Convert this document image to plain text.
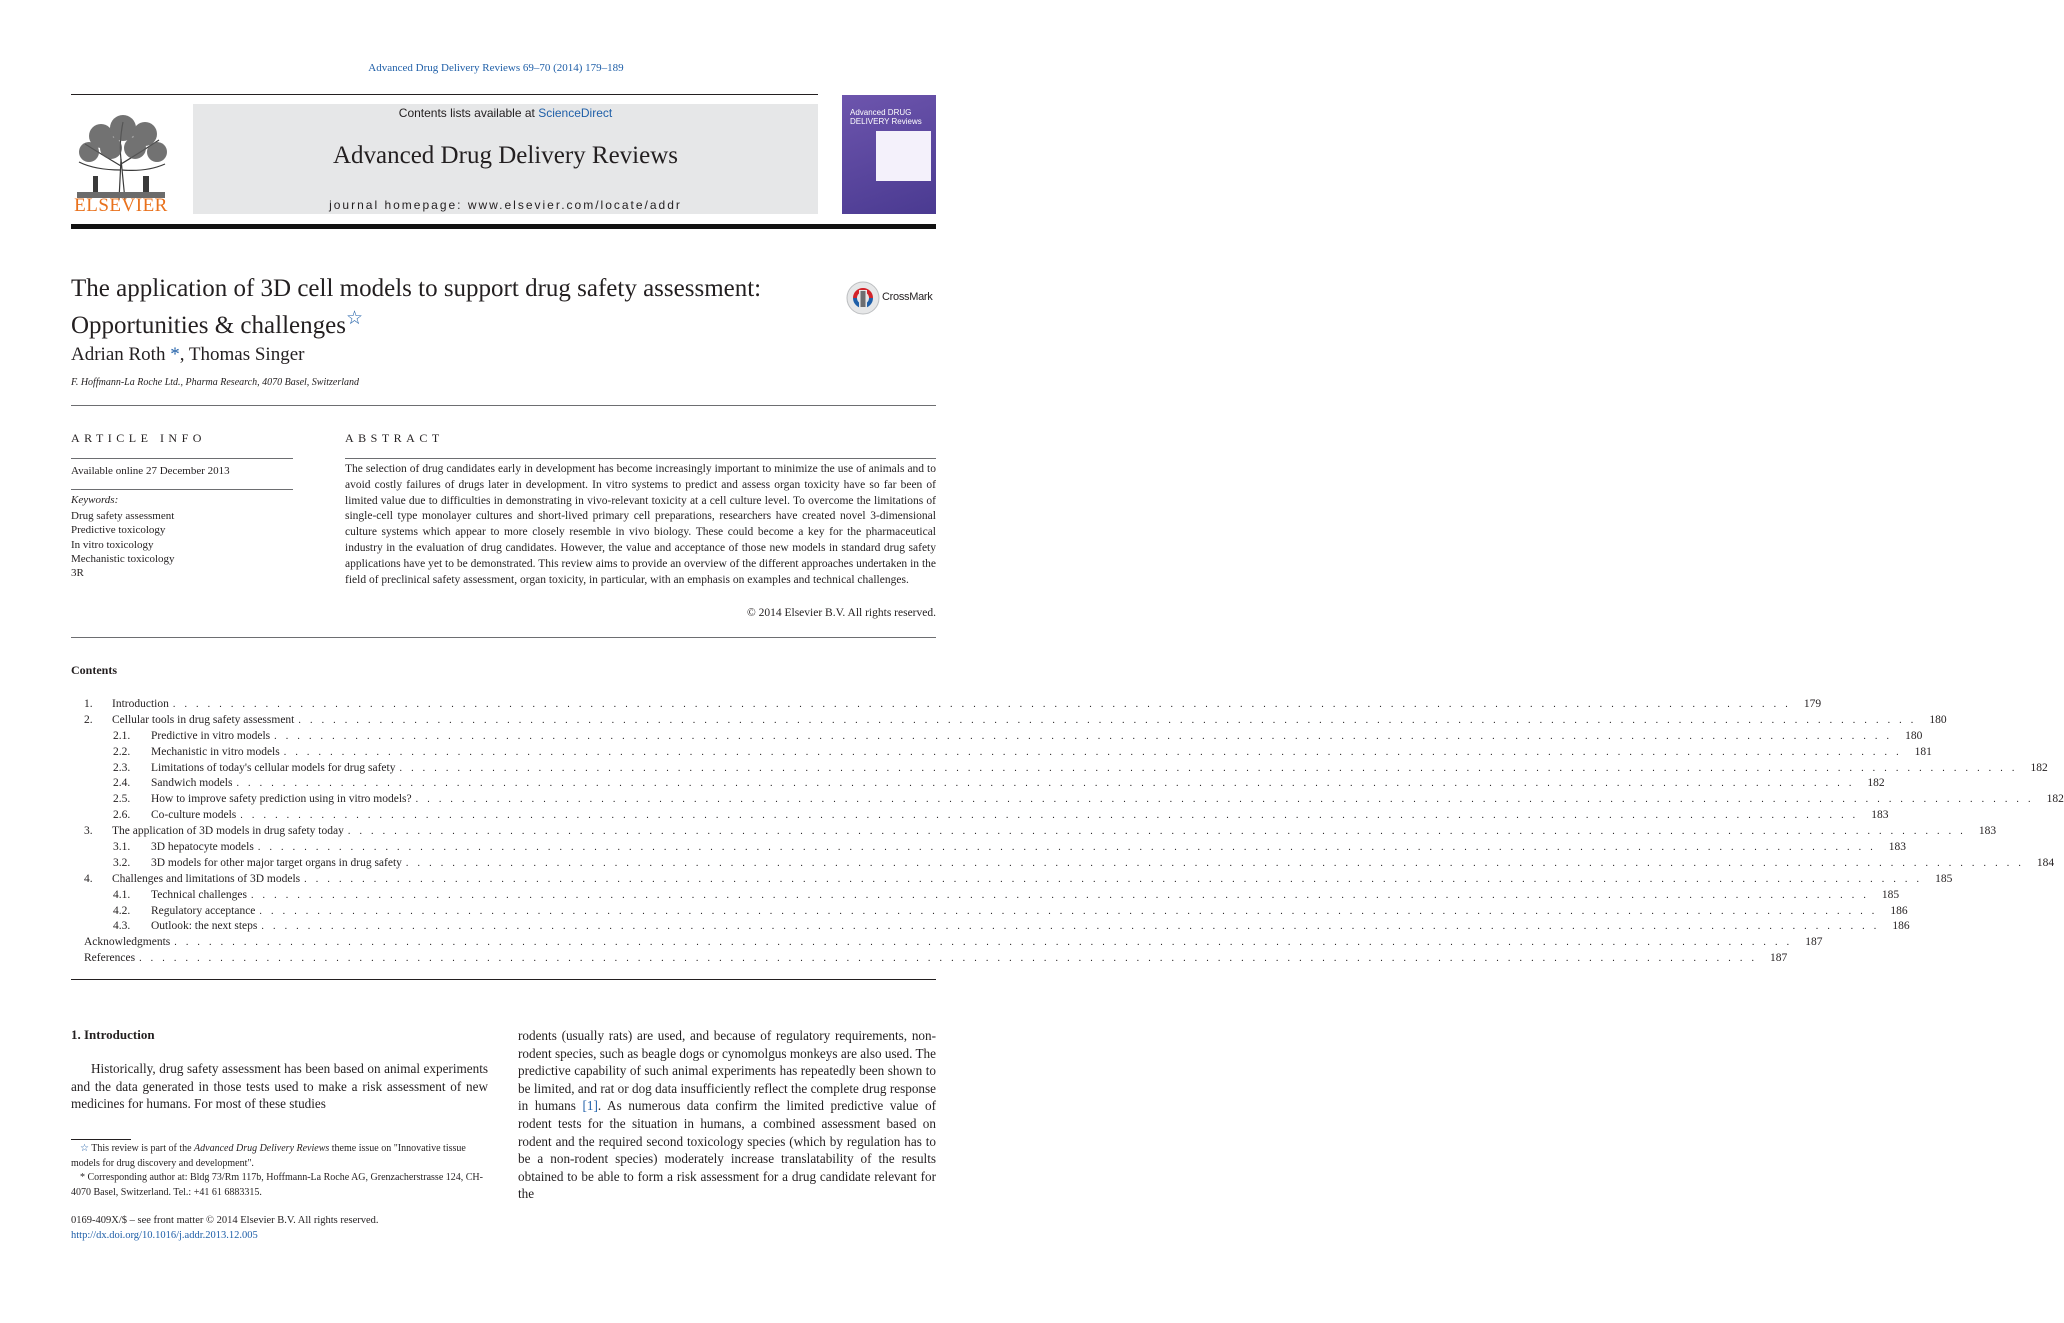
Advanced Drug Delivery Reviews 69–70 (2014) 179–189
ELSEVIER
Contents lists available at ScienceDirect
Advanced Drug Delivery Reviews
journal homepage: www.elsevier.com/locate/addr
Advanced DRUG DELIVERY Reviews
The application of 3D cell models to support drug safety assessment:
Opportunities & challenges☆
CrossMark
Adrian Roth *, Thomas Singer
F. Hoffmann-La Roche Ltd., Pharma Research, 4070 Basel, Switzerland
ARTICLE INFO
Available online 27 December 2013
Keywords:
Drug safety assessment
Predictive toxicology
In vitro toxicology
Mechanistic toxicology
3R
ABSTRACT
The selection of drug candidates early in development has become increasingly important to minimize the use of animals and to avoid costly failures of drugs later in development. In vitro systems to predict and assess organ toxicity have so far been of limited value due to difficulties in demonstrating in vivo-relevant toxicity at a cell culture level. To overcome the limitations of single-cell type monolayer cultures and short-lived primary cell preparations, researchers have created novel 3-dimensional culture systems which appear to more closely resemble in vivo biology. These could become a key for the pharmaceutical industry in the evaluation of drug candidates. However, the value and acceptance of those new models in standard drug safety applications have yet to be demonstrated. This review aims to provide an overview of the different approaches undertaken in the field of preclinical safety assessment, organ toxicity, in particular, with an emphasis on examples and technical challenges.
© 2014 Elsevier B.V. All rights reserved.
Contents
1.	Introduction . . . . . . . . . . . . . . . . . . . . . . . . . . . . . . . . . . . . . . . . . . . . . . . . . . . . . . . . . . . . . . . . . . . . . . . . . . . . . . . . . . . . . . . . . . . . . . . . . . . . . . . . . . . . . . . . . . . . . . . . . . . . . . . . . . . . . . . . . . . .	179
2.	Cellular tools in drug safety assessment . . . . . . . . . . . . . . . . . . . . . . . . . . . . . . . . . . . . . . . . . . . . . . . . . . . . . . . . . . . . . . . . . . . . . . . . . . . . . . . . . . . . . . . . . . . . . . . . . . . . . . . . . . . . . . . . . . . . . . . . . . . . . . . . . . . . . . . . . . . .	180
2.1.	Predictive in vitro models . . . . . . . . . . . . . . . . . . . . . . . . . . . . . . . . . . . . . . . . . . . . . . . . . . . . . . . . . . . . . . . . . . . . . . . . . . . . . . . . . . . . . . . . . . . . . . . . . . . . . . . . . . . . . . . . . . . . . . . . . . . . . . . . . . . . . . . . . . . .	180
2.2.	Mechanistic in vitro models . . . . . . . . . . . . . . . . . . . . . . . . . . . . . . . . . . . . . . . . . . . . . . . . . . . . . . . . . . . . . . . . . . . . . . . . . . . . . . . . . . . . . . . . . . . . . . . . . . . . . . . . . . . . . . . . . . . . . . . . . . . . . . . . . . . . . . . . . . . .	181
2.3.	Limitations of today's cellular models for drug safety . . . . . . . . . . . . . . . . . . . . . . . . . . . . . . . . . . . . . . . . . . . . . . . . . . . . . . . . . . . . . . . . . . . . . . . . . . . . . . . . . . . . . . . . . . . . . . . . . . . . . . . . . . . . . . . . . . . . . . . . . . . . . . . . . . . . . . . . . . . .	182
2.4.	Sandwich models . . . . . . . . . . . . . . . . . . . . . . . . . . . . . . . . . . . . . . . . . . . . . . . . . . . . . . . . . . . . . . . . . . . . . . . . . . . . . . . . . . . . . . . . . . . . . . . . . . . . . . . . . . . . . . . . . . . . . . . . . . . . . . . . . . . . . . . . . . . .	182
2.5.	How to improve safety prediction using in vitro models? . . . . . . . . . . . . . . . . . . . . . . . . . . . . . . . . . . . . . . . . . . . . . . . . . . . . . . . . . . . . . . . . . . . . . . . . . . . . . . . . . . . . . . . . . . . . . . . . . . . . . . . . . . . . . . . . . . . . . . . . . . . . . . . . . . . . . . . . . . . .	182
2.6.	Co-culture models . . . . . . . . . . . . . . . . . . . . . . . . . . . . . . . . . . . . . . . . . . . . . . . . . . . . . . . . . . . . . . . . . . . . . . . . . . . . . . . . . . . . . . . . . . . . . . . . . . . . . . . . . . . . . . . . . . . . . . . . . . . . . . . . . . . . . . . . . . . .	183
3.	The application of 3D models in drug safety today . . . . . . . . . . . . . . . . . . . . . . . . . . . . . . . . . . . . . . . . . . . . . . . . . . . . . . . . . . . . . . . . . . . . . . . . . . . . . . . . . . . . . . . . . . . . . . . . . . . . . . . . . . . . . . . . . . . . . . . . . . . . . . . . . . . . . . . . . . . .	183
3.1.	3D hepatocyte models . . . . . . . . . . . . . . . . . . . . . . . . . . . . . . . . . . . . . . . . . . . . . . . . . . . . . . . . . . . . . . . . . . . . . . . . . . . . . . . . . . . . . . . . . . . . . . . . . . . . . . . . . . . . . . . . . . . . . . . . . . . . . . . . . . . . . . . . . . . .	183
3.2.	3D models for other major target organs in drug safety . . . . . . . . . . . . . . . . . . . . . . . . . . . . . . . . . . . . . . . . . . . . . . . . . . . . . . . . . . . . . . . . . . . . . . . . . . . . . . . . . . . . . . . . . . . . . . . . . . . . . . . . . . . . . . . . . . . . . . . . . . . . . . . . . . . . . . . . . . . .	184
4.	Challenges and limitations of 3D models . . . . . . . . . . . . . . . . . . . . . . . . . . . . . . . . . . . . . . . . . . . . . . . . . . . . . . . . . . . . . . . . . . . . . . . . . . . . . . . . . . . . . . . . . . . . . . . . . . . . . . . . . . . . . . . . . . . . . . . . . . . . . . . . . . . . . . . . . . . .	185
4.1.	Technical challenges . . . . . . . . . . . . . . . . . . . . . . . . . . . . . . . . . . . . . . . . . . . . . . . . . . . . . . . . . . . . . . . . . . . . . . . . . . . . . . . . . . . . . . . . . . . . . . . . . . . . . . . . . . . . . . . . . . . . . . . . . . . . . . . . . . . . . . . . . . . .	185
4.2.	Regulatory acceptance . . . . . . . . . . . . . . . . . . . . . . . . . . . . . . . . . . . . . . . . . . . . . . . . . . . . . . . . . . . . . . . . . . . . . . . . . . . . . . . . . . . . . . . . . . . . . . . . . . . . . . . . . . . . . . . . . . . . . . . . . . . . . . . . . . . . . . . . . . . .	186
4.3.	Outlook: the next steps . . . . . . . . . . . . . . . . . . . . . . . . . . . . . . . . . . . . . . . . . . . . . . . . . . . . . . . . . . . . . . . . . . . . . . . . . . . . . . . . . . . . . . . . . . . . . . . . . . . . . . . . . . . . . . . . . . . . . . . . . . . . . . . . . . . . . . . . . . . .	186
Acknowledgments . . . . . . . . . . . . . . . . . . . . . . . . . . . . . . . . . . . . . . . . . . . . . . . . . . . . . . . . . . . . . . . . . . . . . . . . . . . . . . . . . . . . . . . . . . . . . . . . . . . . . . . . . . . . . . . . . . . . . . . . . . . . . . . . . . . . . . . . . . . .	187
References . . . . . . . . . . . . . . . . . . . . . . . . . . . . . . . . . . . . . . . . . . . . . . . . . . . . . . . . . . . . . . . . . . . . . . . . . . . . . . . . . . . . . . . . . . . . . . . . . . . . . . . . . . . . . . . . . . . . . . . . . . . . . . . . . . . . . . . . . . . .	187
1. Introduction
Historically, drug safety assessment has been based on animal experiments and the data generated in those tests used to make a risk assessment of new medicines for humans. For most of these studies
rodents (usually rats) are used, and because of regulatory requirements, non-rodent species, such as beagle dogs or cynomolgus monkeys are also used. The predictive capability of such animal experiments has repeatedly been shown to be limited, and rat or dog data insufficiently reflect the complete drug response in humans [1]. As numerous data confirm the limited predictive value of rodent tests for the situation in humans, a combined assessment based on rodent and the required second toxicology species (which by regulation has to be a non-rodent species) moderately increase translatability of the results obtained to be able to form a risk assessment for a drug candidate relevant for the
☆ This review is part of the Advanced Drug Delivery Reviews theme issue on "Innovative tissue models for drug discovery and development".
* Corresponding author at: Bldg 73/Rm 117b, Hoffmann-La Roche AG, Grenzacherstrasse 124, CH-4070 Basel, Switzerland. Tel.: +41 61 6883315.
0169-409X/$ – see front matter © 2014 Elsevier B.V. All rights reserved.
http://dx.doi.org/10.1016/j.addr.2013.12.005
